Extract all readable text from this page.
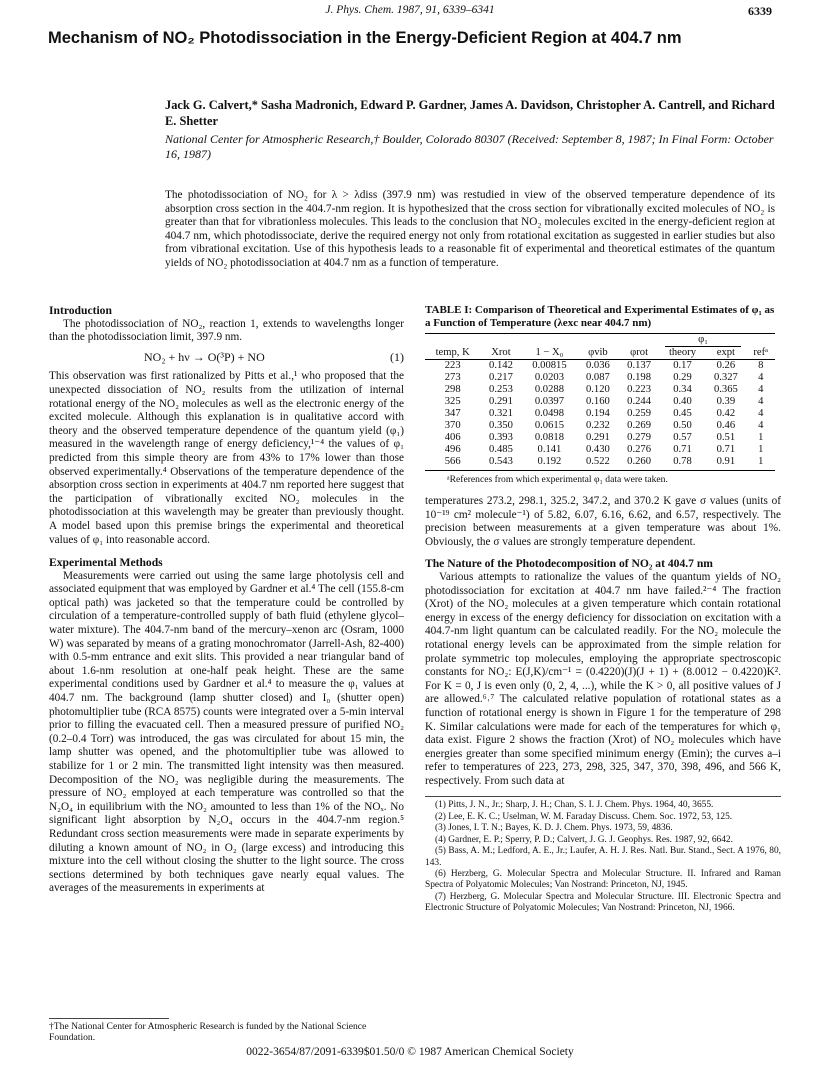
J. Phys. Chem. 1987, 91, 6339–6341	6339
Mechanism of NO₂ Photodissociation in the Energy-Deficient Region at 404.7 nm
Jack G. Calvert,* Sasha Madronich, Edward P. Gardner, James A. Davidson, Christopher A. Cantrell, and Richard E. Shetter
National Center for Atmospheric Research,† Boulder, Colorado 80307 (Received: September 8, 1987; In Final Form: October 16, 1987)
The photodissociation of NO₂ for λ > λdiss (397.9 nm) was restudied in view of the observed temperature dependence of its absorption cross section in the 404.7-nm region. It is hypothesized that the cross section for vibrationally excited molecules of NO₂ is greater than that for vibrationless molecules. This leads to the conclusion that NO₂ molecules excited in the energy-deficient region at 404.7 nm, which photodissociate, derive the required energy not only from rotational excitation as suggested in earlier studies but also from vibrational excitation. Use of this hypothesis leads to a reasonable fit of experimental and theoretical estimates of the quantum yields of NO₂ photodissociation at 404.7 nm as a function of temperature.

Introduction

The photodissociation of NO₂, reaction 1, extends to wavelengths longer than the photodissociation limit, 397.9 nm.

NO₂ + hν → O(³P) + NO	(1)

This observation was first rationalized by Pitts et al.,¹ who proposed that the unexpected dissociation of NO₂ results from the utilization of internal rotational energy of the NO₂ molecules as well as the electronic energy of the excited molecule. Although this explanation is in qualitative accord with theory and the observed temperature dependence of the quantum yield (φ₁) measured in the wavelength range of energy deficiency,¹⁻⁴ the values of φ₁ predicted from this simple theory are from 43% to 17% lower than those observed experimentally.⁴ Observations of the temperature dependence of the absorption cross section in experiments at 404.7 nm reported here suggest that the participation of vibrationally excited NO₂ molecules in the photodissociation at this wavelength may be greater than previously thought. A model based upon this premise brings the experimental and theoretical values of φ₁ into reasonable accord.

Experimental Methods

Measurements were carried out using the same large photolysis cell and associated equipment that was employed by Gardner et al.⁴ The cell (155.8-cm optical path) was jacketed so that the temperature could be controlled by circulation of a temperature-controlled supply of bath fluid (ethylene glycol–water mixture). The 404.7-nm band of the mercury–xenon arc (Osram, 1000 W) was separated by means of a grating monochromator (Jarrell-Ash, 82-400) with 0.5-mm entrance and exit slits. This provided a near triangular band of about 1.6-nm resolution at one-half peak height. These are the same experimental conditions used by Gardner et al.⁴ to measure the φ₁ values at 404.7 nm. The background (lamp shutter closed) and I₀ (shutter open) photomultiplier tube (RCA 8575) counts were integrated over a 5-min interval prior to filling the evacuated cell. Then a measured pressure of purified NO₂ (0.2–0.4 Torr) was introduced, the gas was circulated for about 15 min, the lamp shutter was opened, and the photomultiplier tube was allowed to stabilize for 1 or 2 min. The transmitted light intensity was then measured. Decomposition of the NO₂ was negligible during the measurements. The pressure of NO₂ employed at each temperature was controlled so that the N₂O₄ in equilibrium with the NO₂ amounted to less than 1% of the NOₓ. No significant light absorption by N₂O₄ occurs in the 404.7-nm region.⁵ Redundant cross section measurements were made in separate experiments by diluting a known amount of NO₂ in O₂ (large excess) and introducing this mixture into the cell without closing the shutter to the light source. The cross sections determined by both techniques gave nearly equal values. The averages of the measurements in experiments at

†The National Center for Atmospheric Research is funded by the National Science Foundation.
TABLE I: Comparison of Theoretical and Experimental Estimates of φ₁ as a Function of Temperature (λexc near 404.7 nm)

					φ₁		

temp, K	Xrot	1 − X₀	φvib	φrot	theory	expt	refᵃ
223	0.142	0.00815	0.036	0.137	0.17	0.26	8
273	0.217	0.0203	0.087	0.198	0.29	0.327	4
298	0.253	0.0288	0.120	0.223	0.34	0.365	4
325	0.291	0.0397	0.160	0.244	0.40	0.39	4
347	0.321	0.0498	0.194	0.259	0.45	0.42	4
370	0.350	0.0615	0.232	0.269	0.50	0.46	4
406	0.393	0.0818	0.291	0.279	0.57	0.51	1
496	0.485	0.141	0.430	0.276	0.71	0.71	1
566	0.543	0.192	0.522	0.260	0.78	0.91	1
ᵃReferences from which experimental φ₁ data were taken.

temperatures 273.2, 298.1, 325.2, 347.2, and 370.2 K gave σ values (units of 10⁻¹⁹ cm² molecule⁻¹) of 5.82, 6.07, 6.16, 6.62, and 6.57, respectively. The precision between measurements at a given temperature was about 1%. Obviously, the σ values are strongly temperature dependent.

The Nature of the Photodecomposition of NO₂ at 404.7 nm

Various attempts to rationalize the values of the quantum yields of NO₂ photodissociation for excitation at 404.7 nm have failed.²⁻⁴ The fraction (Xrot) of the NO₂ molecules at a given temperature which contain rotational energy in excess of the energy deficiency for dissociation on excitation with a 404.7-nm light quantum can be calculated readily. For the NO₂ molecule the rotational energy levels can be approximated from the simple relation for prolate symmetric top molecules, employing the appropriate spectroscopic constants for NO₂: E(J,K)/cm⁻¹ = (0.4220)(J)(J + 1) + (8.0012 − 0.4220)K². For K = 0, J is even only (0, 2, 4, ...), while the K > 0, all positive values of J are allowed.⁶˒⁷ The calculated relative population of rotational states as a function of rotational energy is shown in Figure 1 for the temperature of 298 K. Similar calculations were made for each of the temperatures for which φ₁ data exist. Figure 2 shows the fraction (Xrot) of NO₂ molecules which have energies greater than some specified minimum energy (Emin); the curves a–i refer to temperatures of 223, 273, 298, 325, 347, 370, 398, 496, and 566 K, respectively. From such data at

(1) Pitts, J. N., Jr.; Sharp, J. H.; Chan, S. I. J. Chem. Phys. 1964, 40, 3655.
(2) Lee, E. K. C.; Uselman, W. M. Faraday Discuss. Chem. Soc. 1972, 53, 125.
(3) Jones, I. T. N.; Bayes, K. D. J. Chem. Phys. 1973, 59, 4836.
(4) Gardner, E. P.; Sperry, P. D.; Calvert, J. G. J. Geophys. Res. 1987, 92, 6642.
(5) Bass, A. M.; Ledford, A. E., Jr.; Laufer, A. H. J. Res. Natl. Bur. Stand., Sect. A 1976, 80, 143.
(6) Herzberg, G. Molecular Spectra and Molecular Structure. II. Infrared and Raman Spectra of Polyatomic Molecules; Van Nostrand: Princeton, NJ, 1945.
(7) Herzberg, G. Molecular Spectra and Molecular Structure. III. Electronic Spectra and Electronic Structure of Polyatomic Molecules; Van Nostrand: Princeton, NJ, 1966.
0022-3654/87/2091-6339$01.50/0 © 1987 American Chemical Society
